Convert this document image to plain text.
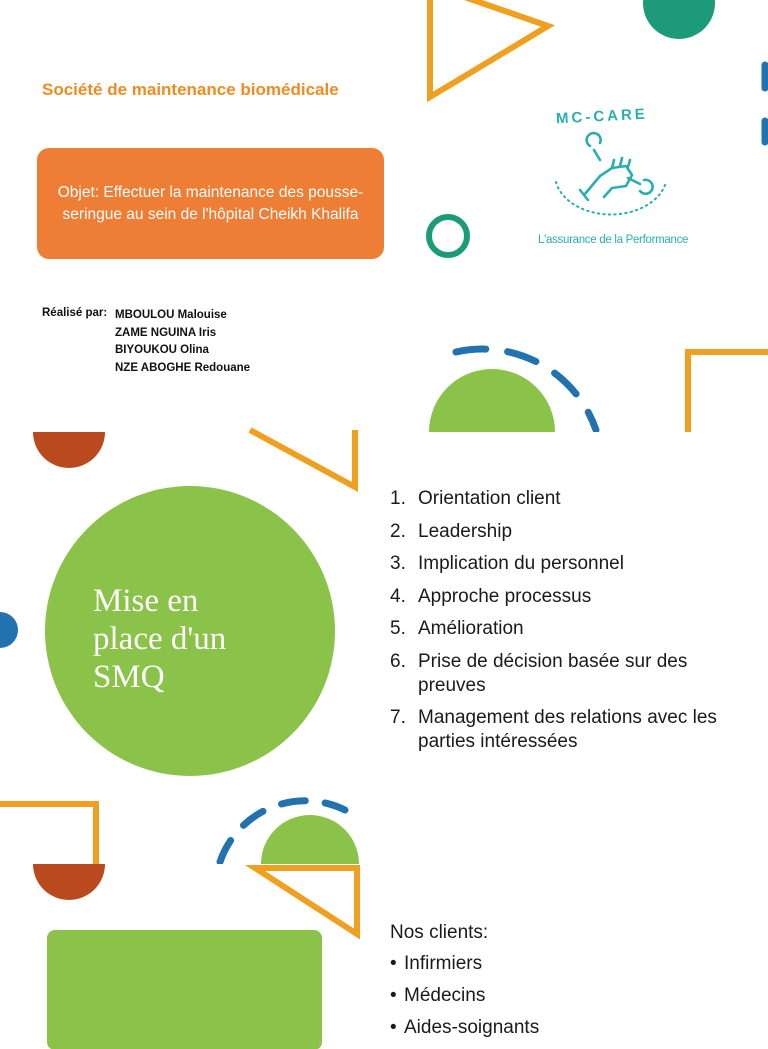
Société de maintenance biomédicale
Objet: Effectuer la maintenance des pousse-seringue au sein de l'hôpital Cheikh Khalifa
Réalisé par: MBOULOU Malouise
ZAME NGUINA Iris
BIYOUKOU Olina
NZE ABOGHE Redouane
MC-CARE
L'assurance de la Performance
Mise en
place d'un
SMQ
1. Orientation client
2. Leadership
3. Implication du personnel
4. Approche processus
5. Amélioration
6. Prise de décision basée sur des preuves
7. Management des relations avec les parties intéressées
Nos clients:
• Infirmiers
• Médecins
• Aides-soignants
